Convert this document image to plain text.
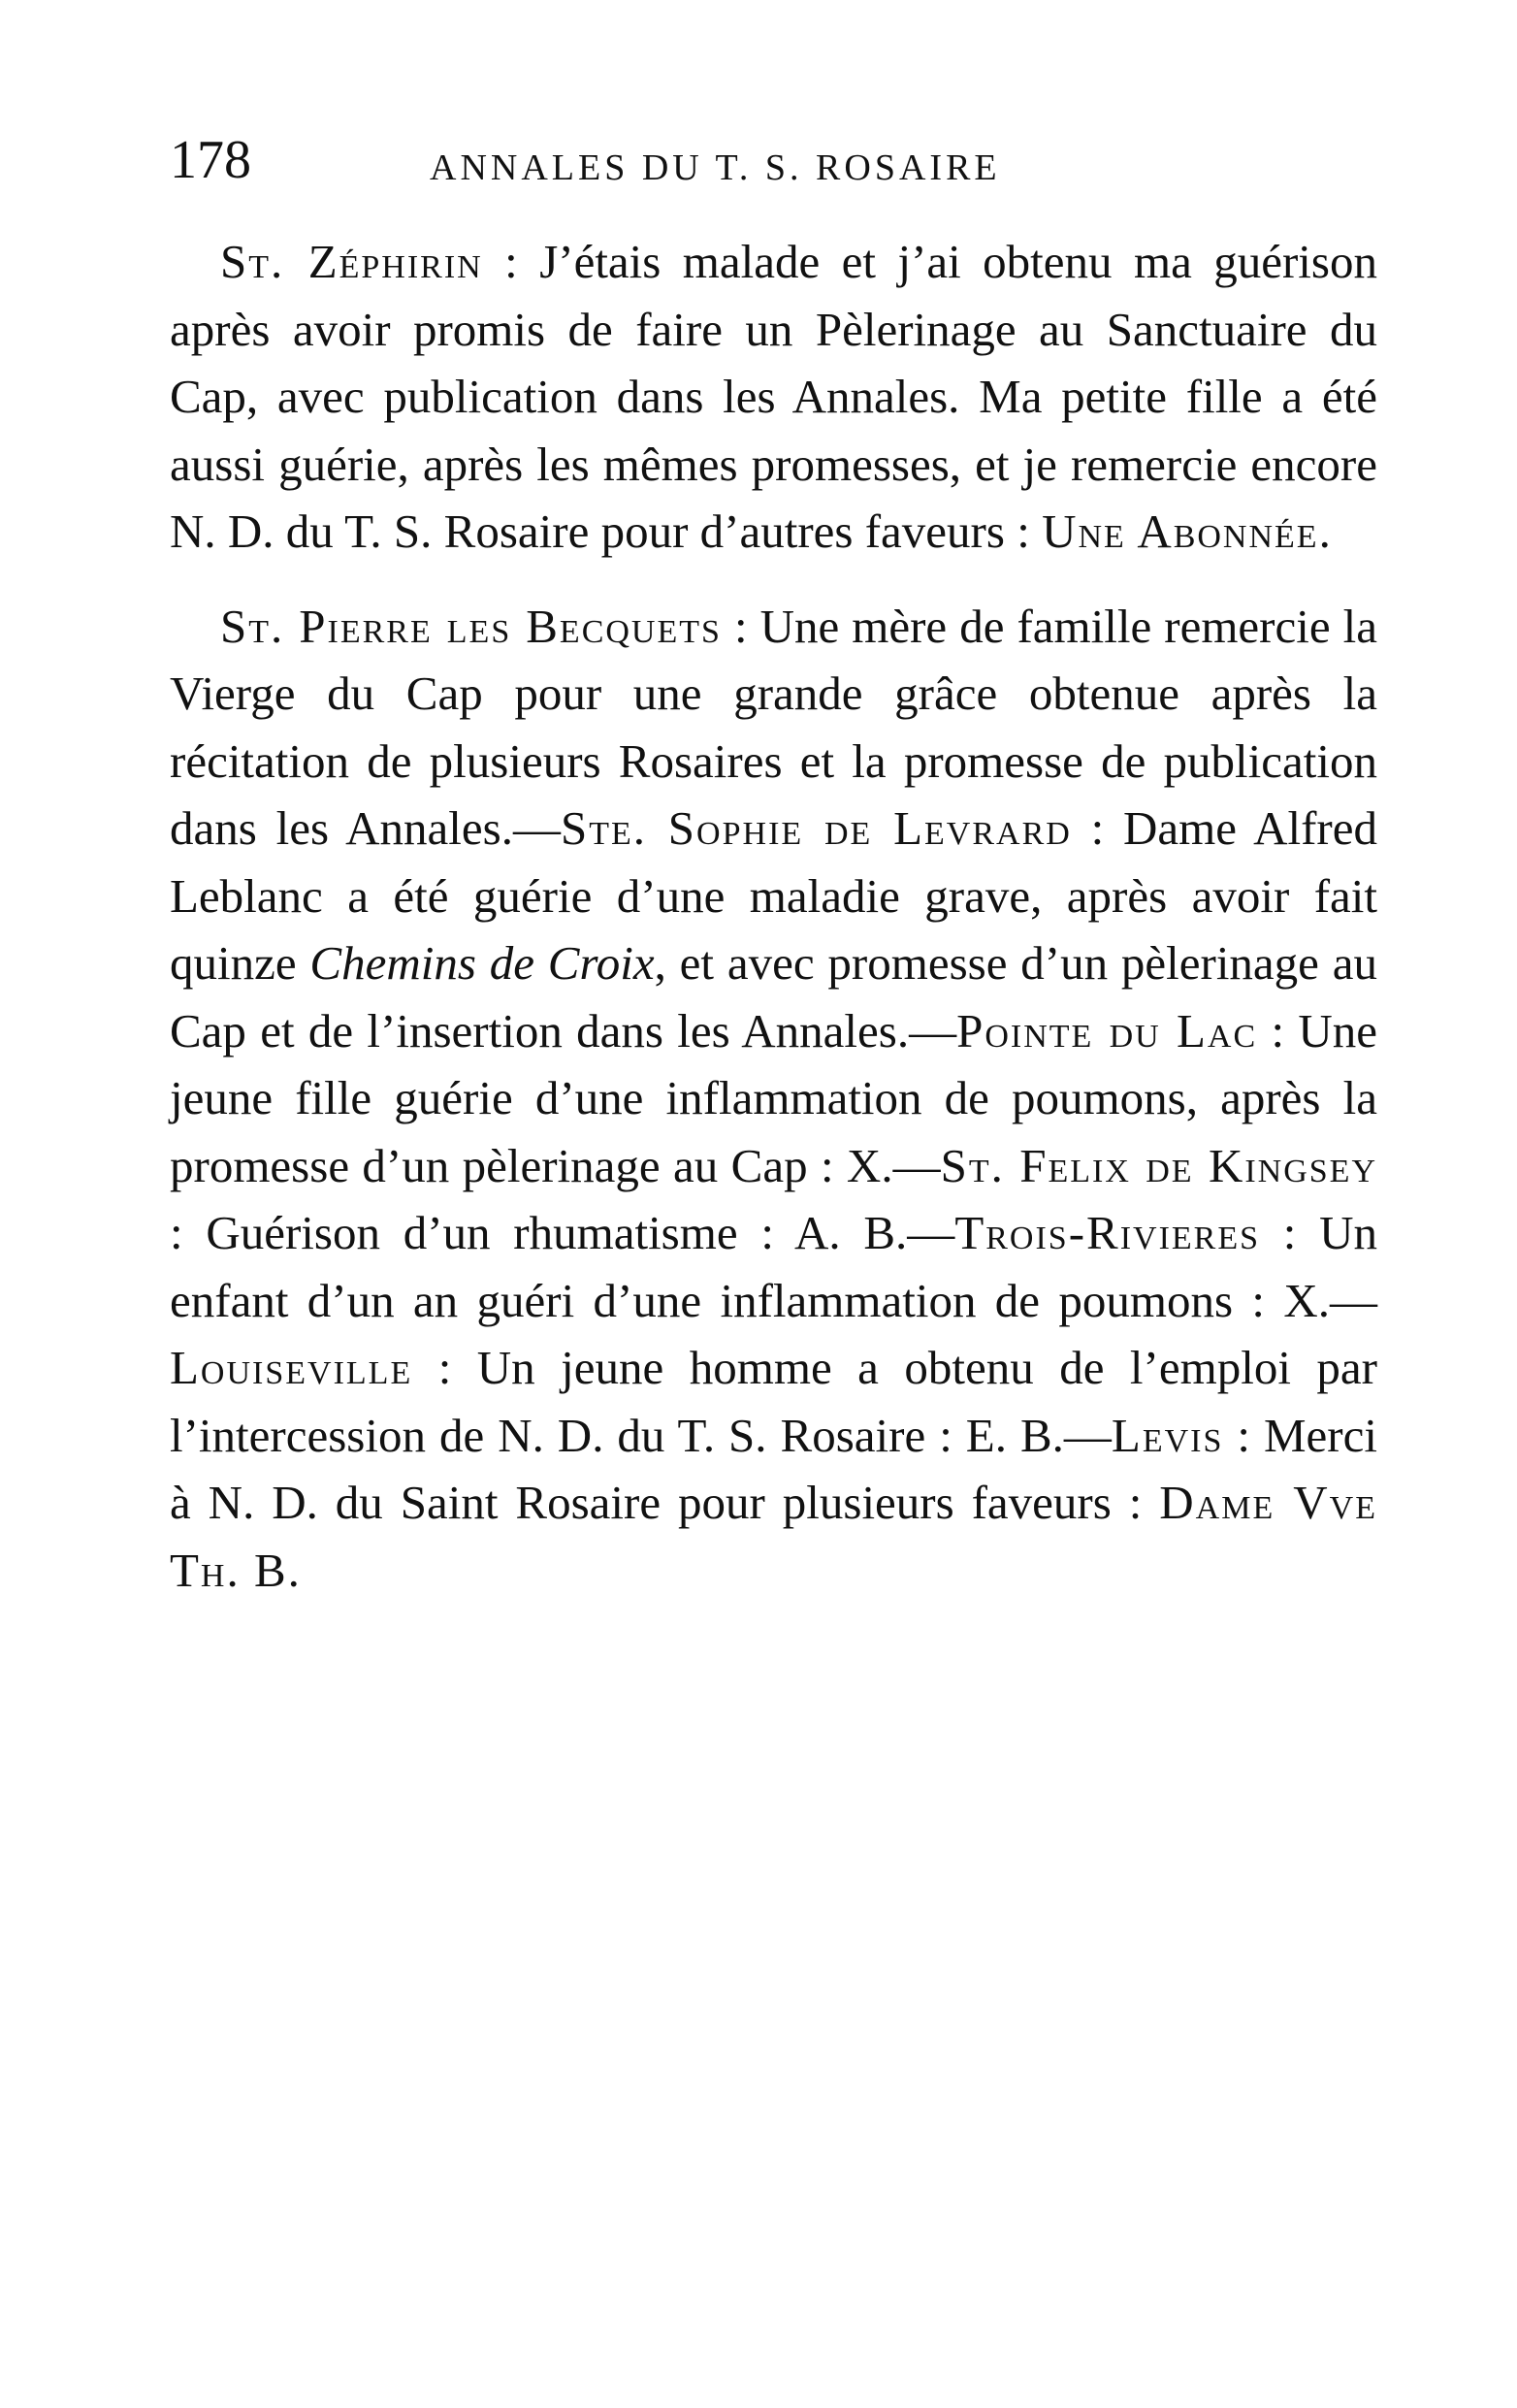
178	ANNALES DU T. S. ROSAIRE

St. Zéphirin : J’étais malade et j’ai obtenu ma guérison après avoir promis de faire un Pèlerinage au Sanctuaire du Cap, avec publication dans les Annales. Ma petite fille a été aussi guérie, après les mêmes promesses, et je remercie encore N. D. du T. S. Rosaire pour d’autres faveurs : Une Abonnée.

St. Pierre les Becquets : Une mère de famille remercie la Vierge du Cap pour une grande grâce obtenue après la récitation de plusieurs Rosaires et la promesse de publication dans les Annales.—Ste. Sophie de Levrard : Dame Alfred Leblanc a été guérie d’une maladie grave, après avoir fait quinze Chemins de Croix, et avec promesse d’un pèlerinage au Cap et de l’insertion dans les Annales.—Pointe du Lac : Une jeune fille guérie d’une inflammation de poumons, après la promesse d’un pèlerinage au Cap : X.—St. Felix de Kingsey : Guérison d’un rhumatisme : A. B.—Trois-Rivieres : Un enfant d’un an guéri d’une inflammation de poumons : X.—Louiseville : Un jeune homme a obtenu de l’emploi par l’intercession de N. D. du T. S. Rosaire : E. B.—Levis : Merci à N. D. du Saint Rosaire pour plusieurs faveurs : Dame Vve Th. B.
